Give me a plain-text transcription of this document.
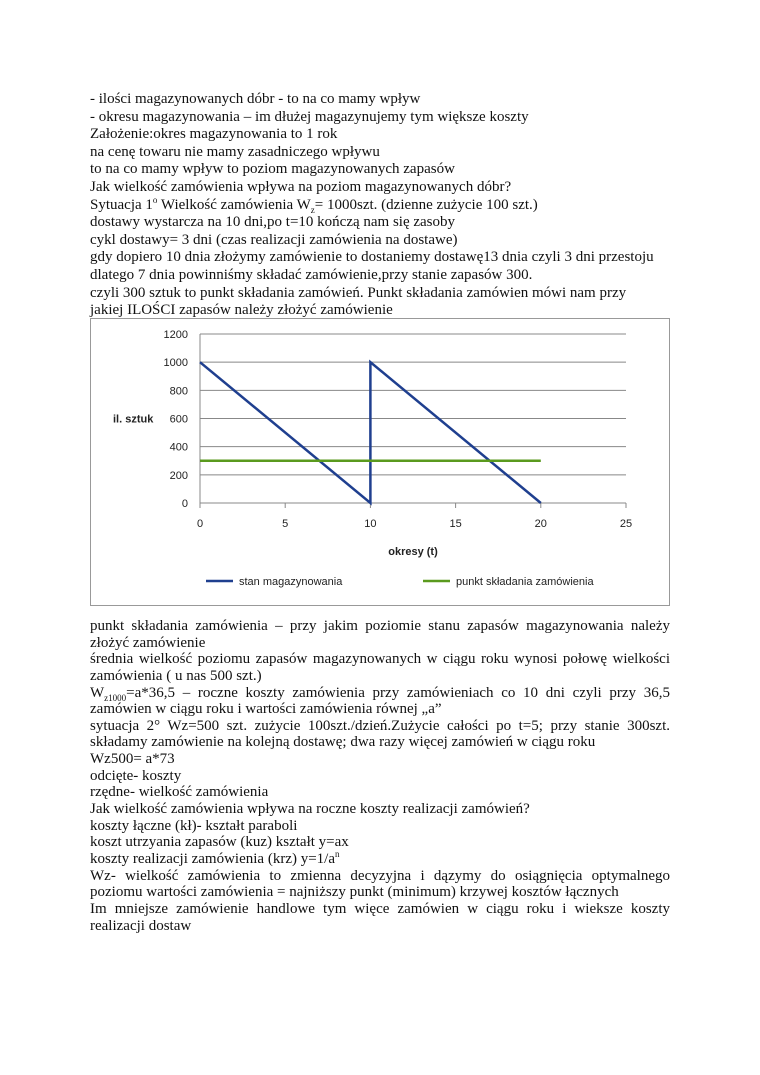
- ilości magazynowanych dóbr - to na co mamy wpływ
- okresu magazynowania – im dłużej magazynujemy tym większe koszty
Założenie:okres magazynowania to 1 rok
na cenę towaru nie mamy zasadniczego wpływu
to na co mamy wpływ to poziom magazynowanych zapasów
Jak wielkość zamówienia wpływa na poziom magazynowanych dóbr?
Sytuacja 1$^o$ Wielkość zamówienia $W_z= 1000szt$. (dzienne zużycie 100 szt.)
dostawy wystarcza na 10 dni,po t=10 kończą nam się zasoby
cykl dostawy= 3 dni (czas realizacji zamówienia na dostawe)
gdy dopiero 10 dnia złożymy zamówienie to dostaniemy dostawę13 dnia czyli 3 dni przestoju
dlatego 7 dnia powinniśmy składać zamówienie,przy stanie zapasów 300.
czyli 300 sztuk to punkt składania zamówień. Punkt składania zamówien mówi nam przy
jakiej ILOŚCI zapasów należy złożyć zamówienie
0
200
400
600
800
1000
1200
0	5	10	15	20	25
okresy (t)
il. sztuk
stan magazynowania	punkt składania zamówienia
punkt składania zamówienia – przy jakim poziomie stanu zapasów magazynowania należy
złożyć zamówienie
średnia wielkość poziomu zapasów magazynowanych w ciągu roku wynosi połowę wielkości
zamówienia ( u nas 500 szt.)
$W_{z1000}=a*36,5$ – roczne koszty zamówienia przy zamówieniach co 10 dni czyli przy 36,5
zamówien w ciągu roku i wartości zamówienia równej „a”
sytuacja 2° Wz=500 szt. zużycie 100szt./dzień.Zużycie całości po t=5; przy stanie 300szt.
składamy zamówienie na kolejną dostawę; dwa razy więcej zamówień w ciągu roku
Wz500= a*73
odcięte- koszty
rzędne- wielkość zamówienia
Jak wielkość zamówienia wpływa na roczne koszty realizacji zamówień?
koszty łączne (kł)- kształt paraboli
koszt utrzyania zapasów (kuz) kształt y=ax
koszty realizacji zamówienia (krz) $y=1/a^n$
Wz- wielkość zamówienia to zmienna decyzyjna i dązymy do osiągnięcia optymalnego
poziomu wartości zamówienia = najniższy punkt (minimum) krzywej kosztów łącznych
Im mniejsze zamówienie handlowe tym więce zamówien w ciągu roku i wieksze koszty
realizacji dostaw
